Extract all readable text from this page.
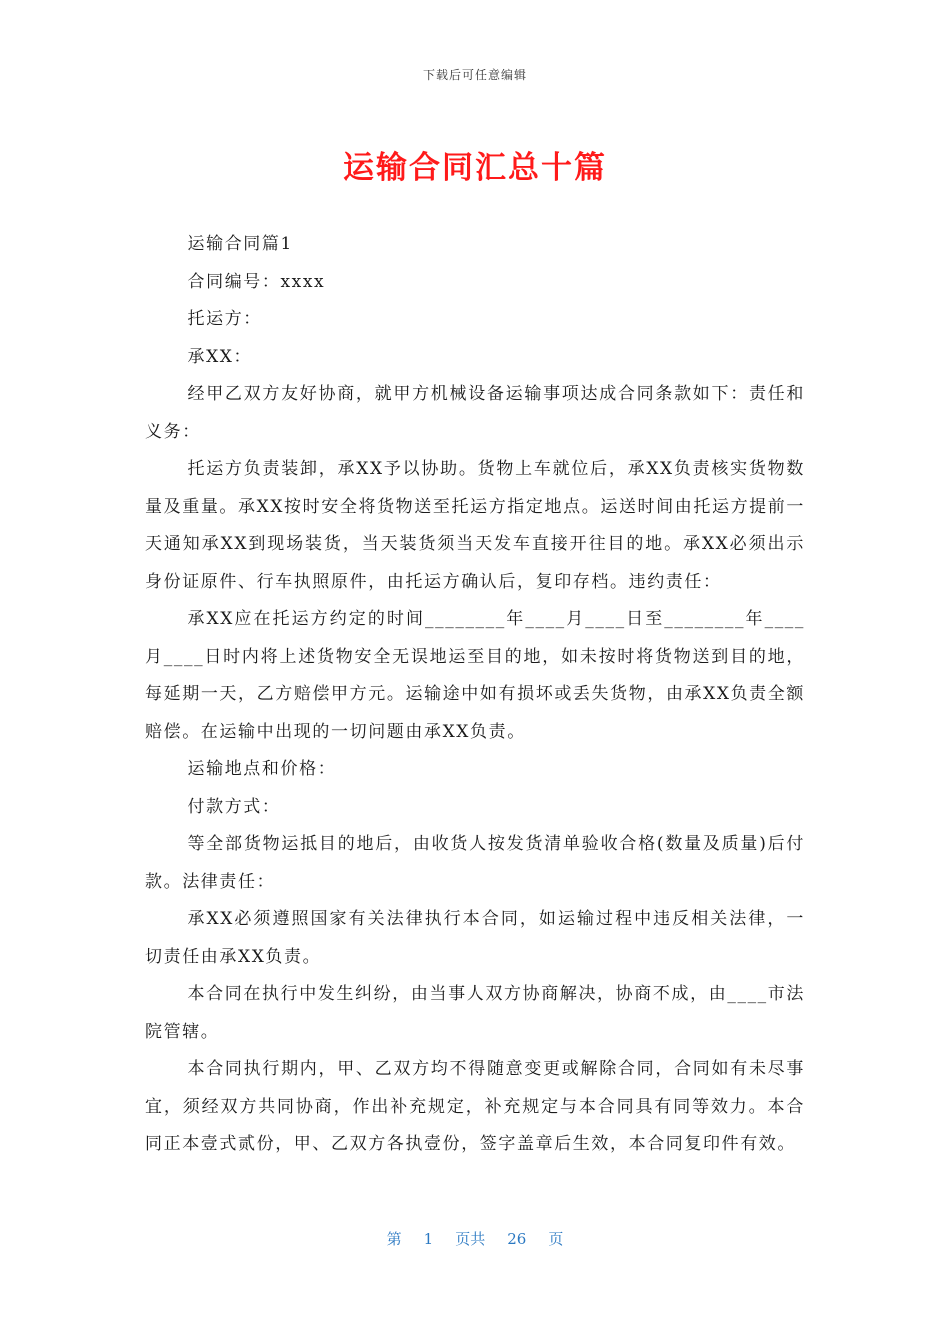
下载后可任意编辑
运输合同汇总十篇

运输合同篇1

合同编号：xxxx

托运方：

承XX：

经甲乙双方友好协商，就甲方机械设备运输事项达成合同条款如下：责任和义务：

托运方负责装卸，承XX予以协助。货物上车就位后，承XX负责核实货物数量及重量。承XX按时安全将货物送至托运方指定地点。运送时间由托运方提前一天通知承XX到现场装货，当天装货须当天发车直接开往目的地。承XX必须出示身份证原件、行车执照原件，由托运方确认后，复印存档。违约责任：

承XX应在托运方约定的时间________年____月____日至________年____月____日时内将上述货物安全无误地运至目的地，如未按时将货物送到目的地，每延期一天，乙方赔偿甲方元。运输途中如有损坏或丢失货物，由承XX负责全额赔偿。在运输中出现的一切问题由承XX负责。

运输地点和价格：

付款方式：

等全部货物运抵目的地后，由收货人按发货清单验收合格(数量及质量)后付款。法律责任：

承XX必须遵照国家有关法律执行本合同，如运输过程中违反相关法律，一切责任由承XX负责。

本合同在执行中发生纠纷，由当事人双方协商解决，协商不成，由____市法院管辖。

本合同执行期内，甲、乙双方均不得随意变更或解除合同，合同如有未尽事宜，须经双方共同协商，作出补充规定，补充规定与本合同具有同等效力。本合同正本壹式贰份，甲、乙双方各执壹份，签字盖章后生效，本合同复印件有效。

第 1 页共 26 页
